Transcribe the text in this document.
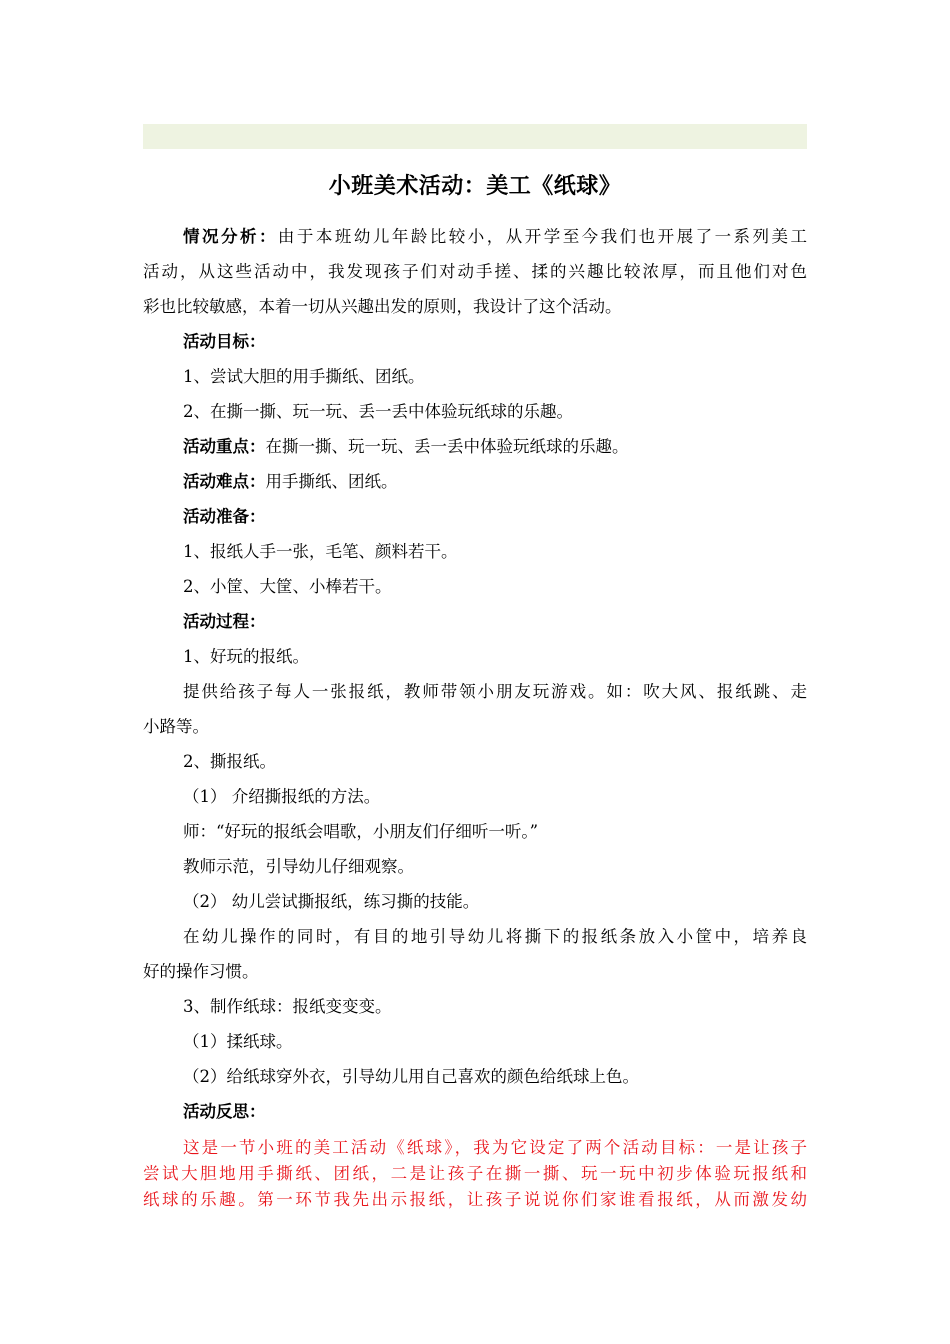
小班美术活动：美工《纸球》

情况分析：由于本班幼儿年龄比较小，从开学至今我们也开展了一系列美工

活动，从这些活动中，我发现孩子们对动手搓、揉的兴趣比较浓厚，而且他们对色

彩也比较敏感，本着一切从兴趣出发的原则，我设计了这个活动。

活动目标：

1、尝试大胆的用手撕纸、团纸。

2、在撕一撕、玩一玩、丢一丢中体验玩纸球的乐趣。

活动重点：在撕一撕、玩一玩、丢一丢中体验玩纸球的乐趣。

活动难点：用手撕纸、团纸。

活动准备：

1、报纸人手一张，毛笔、颜料若干。

2、小筐、大筐、小棒若干。

活动过程：

1、好玩的报纸。

提供给孩子每人一张报纸，教师带领小朋友玩游戏。如：吹大风、报纸跳、走

小路等。

2、撕报纸。

（1） 介绍撕报纸的方法。

师：“好玩的报纸会唱歌，小朋友们仔细听一听。”

教师示范，引导幼儿仔细观察。

（2） 幼儿尝试撕报纸，练习撕的技能。

在幼儿操作的同时，有目的地引导幼儿将撕下的报纸条放入小筐中，培养良

好的操作习惯。

3、制作纸球：报纸变变变。

（1）揉纸球。

（2）给纸球穿外衣，引导幼儿用自己喜欢的颜色给纸球上色。

活动反思：

这是一节小班的美工活动《纸球》，我为它设定了两个活动目标：一是让孩子

尝试大胆地用手撕纸、团纸，二是让孩子在撕一撕、玩一玩中初步体验玩报纸和

纸球的乐趣。第一环节我先出示报纸，让孩子说说你们家谁看报纸，从而激发幼
